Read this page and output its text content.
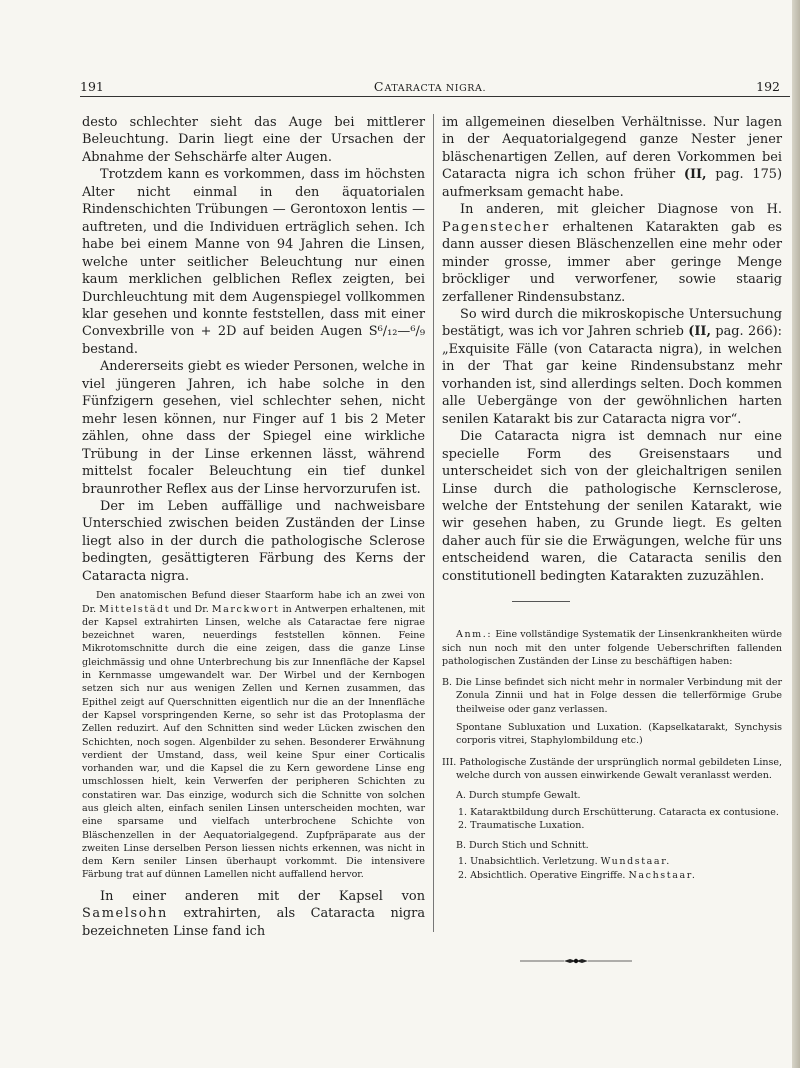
191	CATARACTA NIGRA.	192

desto schlechter sieht das Auge bei mittlerer Beleuchtung. Darin liegt eine der Ursachen der Abnahme der Sehschärfe alter Augen.

Trotzdem kann es vorkommen, dass im höchsten Alter nicht einmal in den äquatorialen Rindenschichten Trübungen — Gerontoxon lentis — auftreten, und die Individuen erträglich sehen. Ich habe bei einem Manne von 94 Jahren die Linsen, welche unter seitlicher Beleuchtung nur einen kaum merklichen gelblichen Reflex zeigten, bei Durchleuchtung mit dem Augenspiegel vollkommen klar gesehen und konnte feststellen, dass mit einer Convexbrille von + 2D auf beiden Augen S⁶/₁₂—⁶/₉ bestand.

Andererseits giebt es wieder Personen, welche in viel jüngeren Jahren, ich habe solche in den Fünfzigern gesehen, viel schlechter sehen, nicht mehr lesen können, nur Finger auf 1 bis 2 Meter zählen, ohne dass der Spiegel eine wirkliche Trübung in der Linse erkennen lässt, während mittelst focaler Beleuchtung ein tief dunkel braunrother Reflex aus der Linse hervorzurufen ist.

Der im Leben auffällige und nachweisbare Unterschied zwischen beiden Zuständen der Linse liegt also in der durch die pathologische Sclerose bedingten, gesättigteren Färbung des Kerns der Cataracta nigra.

Den anatomischen Befund dieser Staarform habe ich an zwei von Dr. Mittelstädt und Dr. Marckwort in Antwerpen erhaltenen, mit der Kapsel extrahirten Linsen, welche als Cataractae fere nigrae bezeichnet waren, neuerdings feststellen können. Feine Mikrotomschnitte durch die eine zeigen, dass die ganze Linse gleichmässig und ohne Unterbrechung bis zur Innenfläche der Kapsel in Kernmasse umgewandelt war. Der Wirbel und der Kernbogen setzen sich nur aus wenigen Zellen und Kernen zusammen, das Epithel zeigt auf Querschnitten eigentlich nur die an der Innenfläche der Kapsel vorspringenden Kerne, so sehr ist das Protoplasma der Zellen reduzirt. Auf den Schnitten sind weder Lücken zwischen den Schichten, noch sogen. Algenbilder zu sehen. Besonderer Erwähnung verdient der Umstand, dass, weil keine Spur einer Corticalis vorhanden war, und die Kapsel die zu Kern gewordene Linse eng umschlossen hielt, kein Verwerfen der peripheren Schichten zu constatiren war. Das einzige, wodurch sich die Schnitte von solchen aus gleich alten, einfach senilen Linsen unterscheiden mochten, war eine sparsame und vielfach unterbrochene Schichte von Bläschenzellen in der Aequatorialgegend. Zupfpräparate aus der zweiten Linse derselben Person liessen nichts erkennen, was nicht in dem Kern seniler Linsen überhaupt vorkommt. Die intensivere Färbung trat auf dünnen Lamellen nicht auffallend hervor.

In einer anderen mit der Kapsel von Samelsohn extrahirten, als Cataracta nigra bezeichneten Linse fand ich

im allgemeinen dieselben Verhältnisse. Nur lagen in der Aequatorialgegend ganze Nester jener bläschenartigen Zellen, auf deren Vorkommen bei Cataracta nigra ich schon früher (II, pag. 175) aufmerksam gemacht habe.

In anderen, mit gleicher Diagnose von H. Pagenstecher erhaltenen Katarakten gab es dann ausser diesen Bläschenzellen eine mehr oder minder grosse, immer aber geringe Menge bröckliger und verworfener, sowie staarig zerfallener Rindensubstanz.

So wird durch die mikroskopische Untersuchung bestätigt, was ich vor Jahren schrieb (II, pag. 266): „Exquisite Fälle (von Cataracta nigra), in welchen in der That gar keine Rindensubstanz mehr vorhanden ist, sind allerdings selten. Doch kommen alle Uebergänge von der gewöhnlichen harten senilen Katarakt bis zur Cataracta nigra vor“.

Die Cataracta nigra ist demnach nur eine specielle Form des Greisenstaars und unterscheidet sich von der gleichaltrigen senilen Linse durch die pathologische Kernsclerose, welche der Entstehung der senilen Katarakt, wie wir gesehen haben, zu Grunde liegt. Es gelten daher auch für sie die Erwägungen, welche für uns entscheidend waren, die Cataracta senilis den constitutionell bedingten Katarakten zuzuzählen.

Anm.: Eine vollständige Systematik der Linsenkrankheiten würde sich nun noch mit den unter folgende Ueberschriften fallenden pathologischen Zuständen der Linse zu beschäftigen haben:

B. Die Linse befindet sich nicht mehr in normaler Verbindung mit der Zonula Zinnii und hat in Folge dessen die tellerförmige Grube theilweise oder ganz verlassen.
Spontane Subluxation und Luxation. (Kapselkatarakt, Synchysis corporis vitrei, Staphylombildung etc.)
III. Pathologische Zustände der ursprünglich normal gebildeten Linse, welche durch von aussen einwirkende Gewalt veranlasst werden.
A. Durch stumpfe Gewalt.
1. Kataraktbildung durch Erschütterung. Cataracta ex contusione.
2. Traumatische Luxation.
B. Durch Stich und Schnitt.
1. Unabsichtlich. Verletzung. Wundstaar.
2. Absichtlich. Operative Eingriffe. Nachstaar.
